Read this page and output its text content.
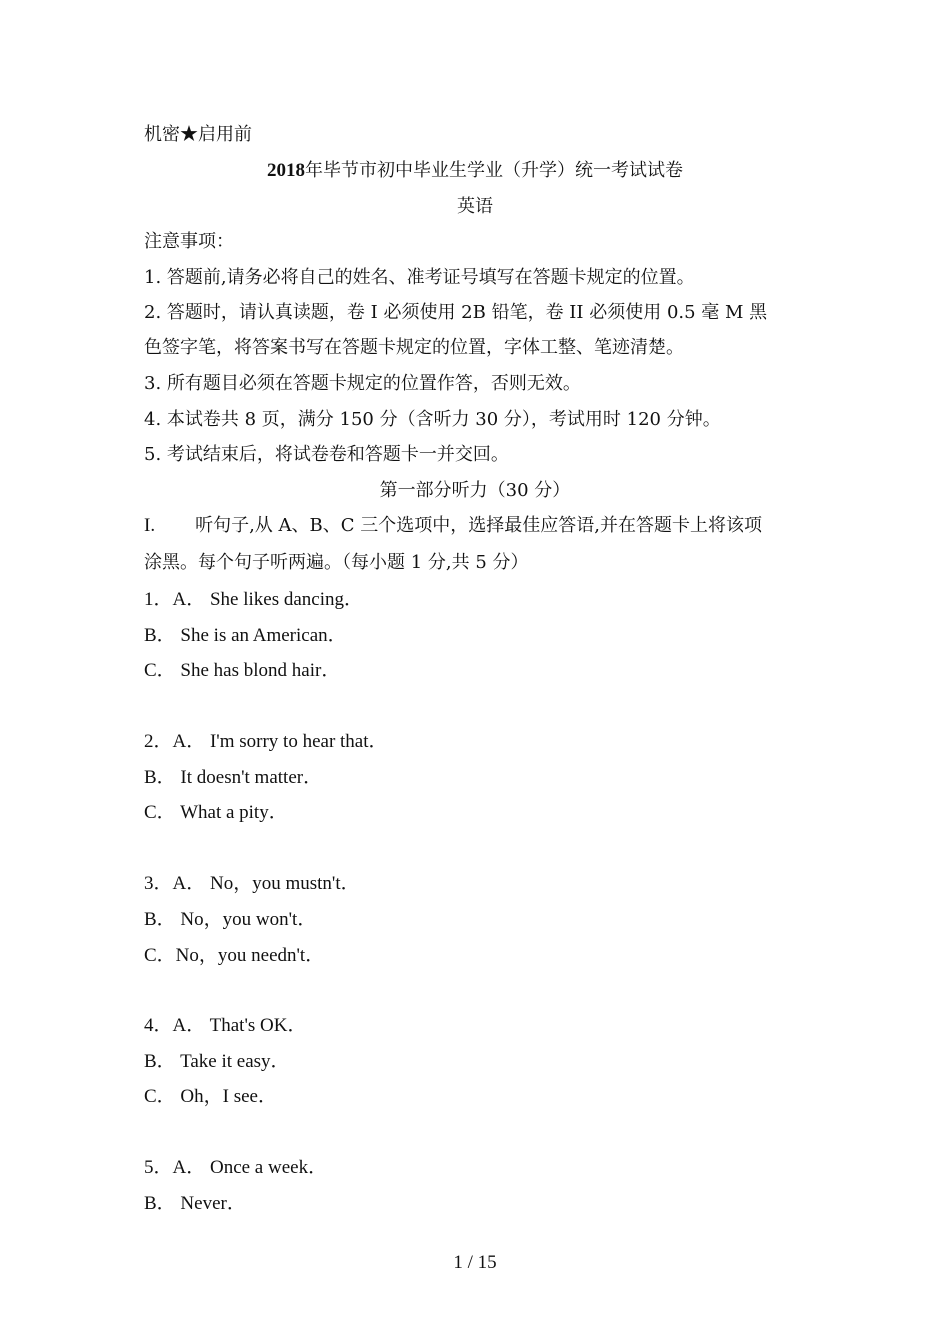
机密★启用前
2018年毕节市初中毕业生学业（升学）统一考试试卷
英语
注意事项：
1. 答题前,请务必将自己的姓名、准考证号填写在答题卡规定的位置。
2. 答题时，请认真读题，卷 I 必须使用 2B 铅笔，卷 II 必须使用 0.5 毫 M 黑
色签字笔，将答案书写在答题卡规定的位置，字体工整、笔迹清楚。
3. 所有题目必须在答题卡规定的位置作答，否则无效。
4. 本试卷共 8 页，满分 150 分（含听力 30 分），考试用时 120 分钟。
5. 考试结束后，将试卷卷和答题卡一并交回。
第一部分听力（30 分）
I. 听句子,从 A、B、C 三个选项中，选择最佳应答语,并在答题卡上将该项
涂黑。每个句子听两遍。（每小题 1 分,共 5 分）
1．A． She likes dancing．
B． She is an American．
C． She has blond hair．
2．A． I'm sorry to hear that．
B． It doesn't matter．
C． What a pity．
3．A． No，you mustn't．
B． No，you won't．
C．No，you needn't．
4．A． That's OK．
B． Take it easy．
C． Oh，I see．
5．A． Once a week．
B． Never．
1 / 15
